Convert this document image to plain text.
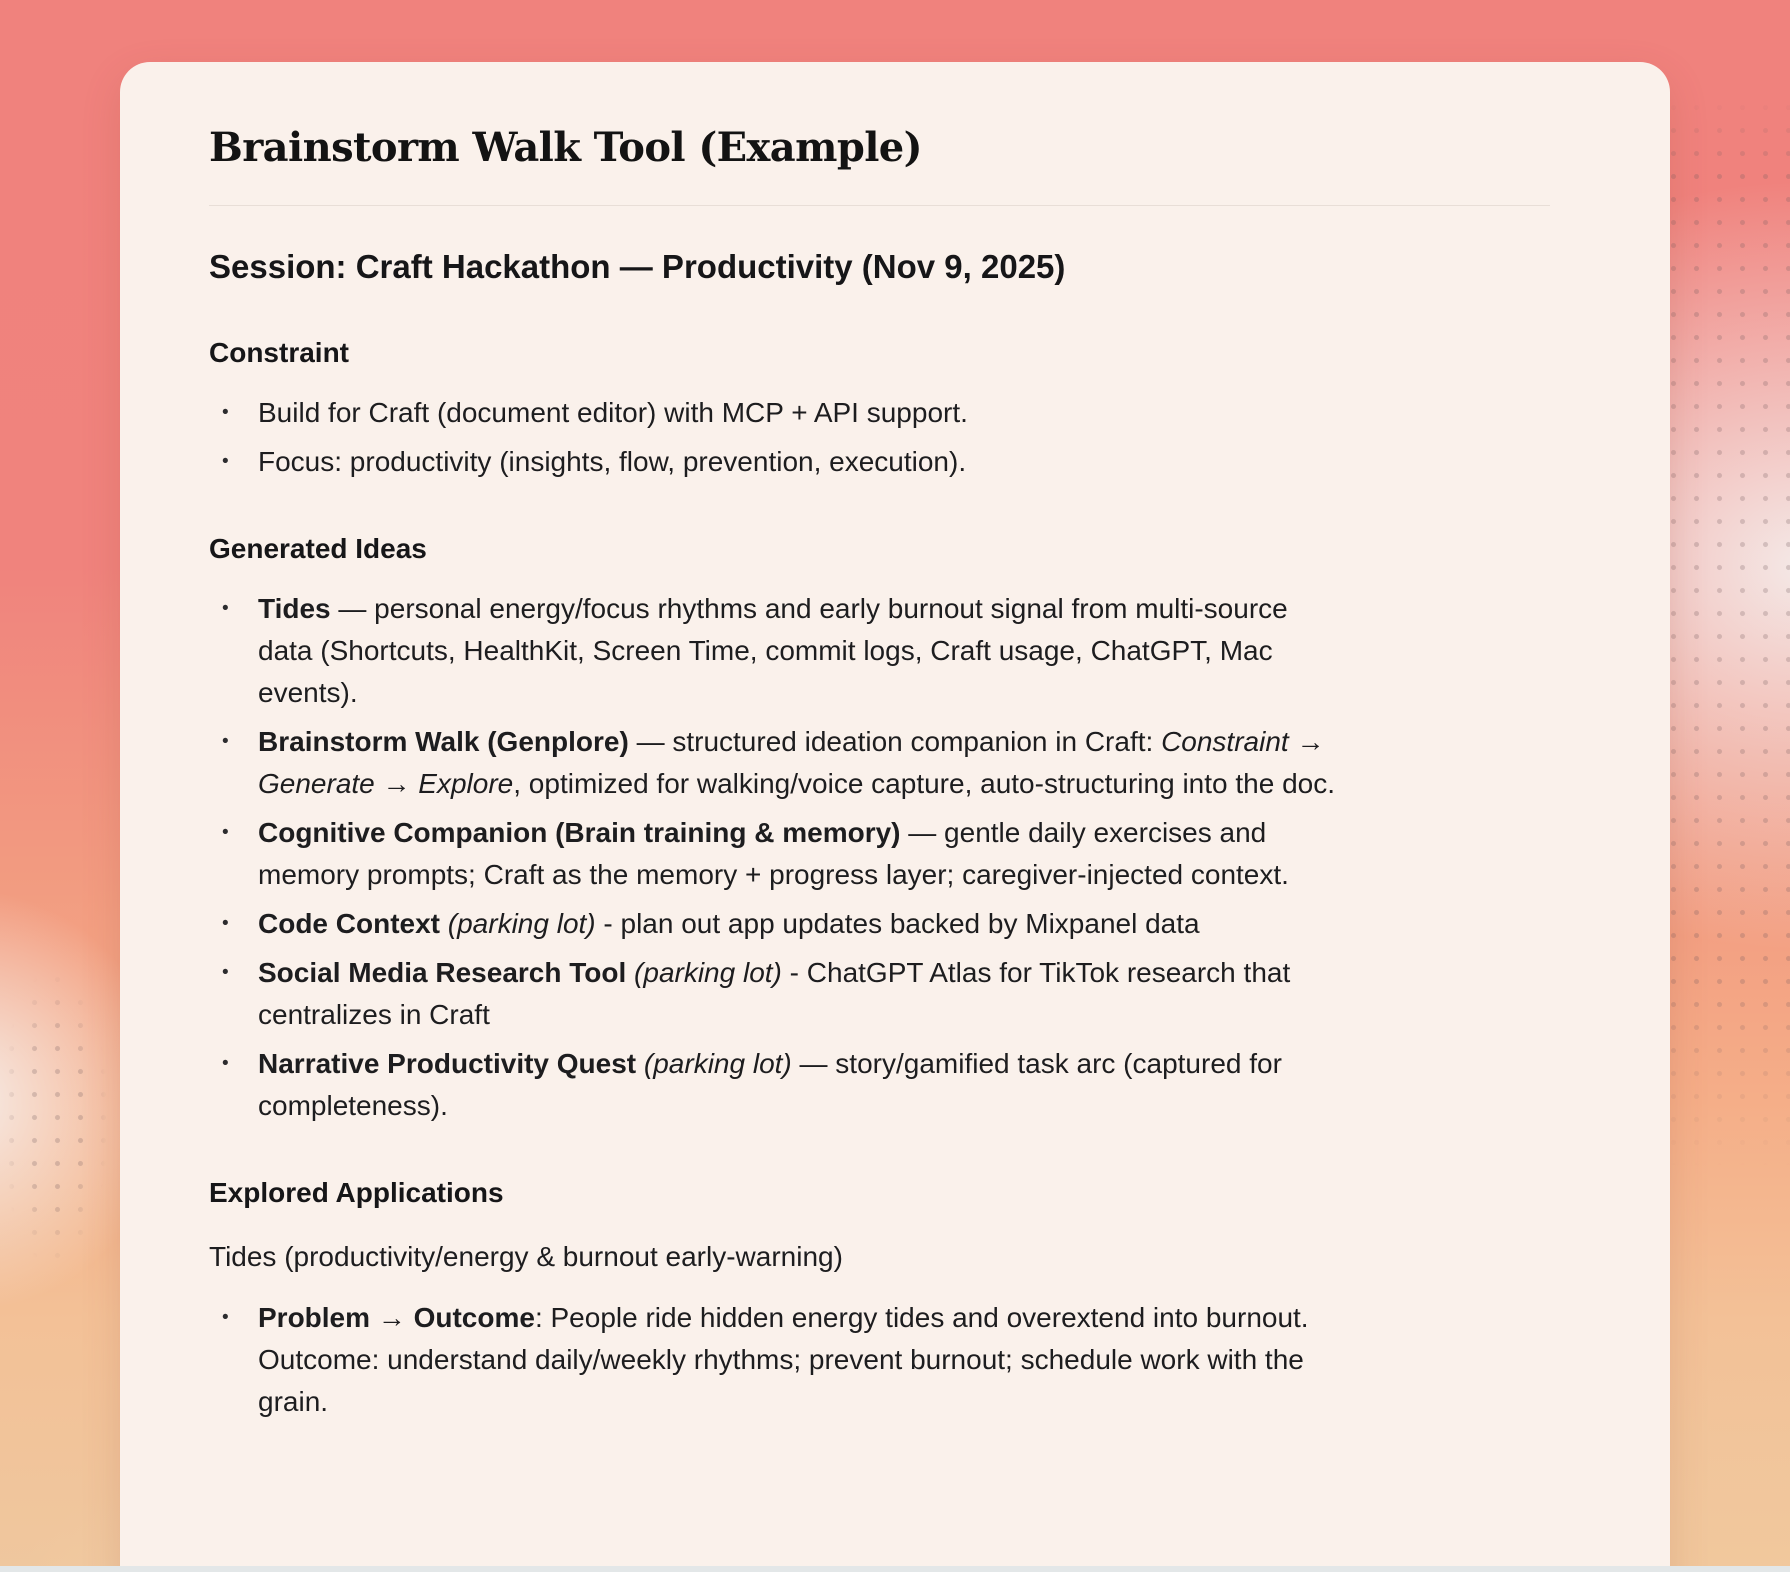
Brainstorm Walk Tool (Example)
Session: Craft Hackathon — Productivity (Nov 9, 2025)
Constraint
• Build for Craft (document editor) with MCP + API support.
• Focus: productivity (insights, flow, prevention, execution).
Generated Ideas
• Tides — personal energy/focus rhythms and early burnout signal from multi-source
data (Shortcuts, HealthKit, Screen Time, commit logs, Craft usage, ChatGPT, Mac
events).
• Brainstorm Walk (Genplore) — structured ideation companion in Craft: Constraint →
Generate → Explore, optimized for walking/voice capture, auto-structuring into the doc.
• Cognitive Companion (Brain training & memory) — gentle daily exercises and
memory prompts; Craft as the memory + progress layer; caregiver-injected context.
• Code Context (parking lot) - plan out app updates backed by Mixpanel data
• Social Media Research Tool (parking lot) - ChatGPT Atlas for TikTok research that
centralizes in Craft
• Narrative Productivity Quest (parking lot) — story/gamified task arc (captured for
completeness).
Explored Applications

Tides (productivity/energy & burnout early-warning)

• Problem → Outcome: People ride hidden energy tides and overextend into burnout.
Outcome: understand daily/weekly rhythms; prevent burnout; schedule work with the
grain.
